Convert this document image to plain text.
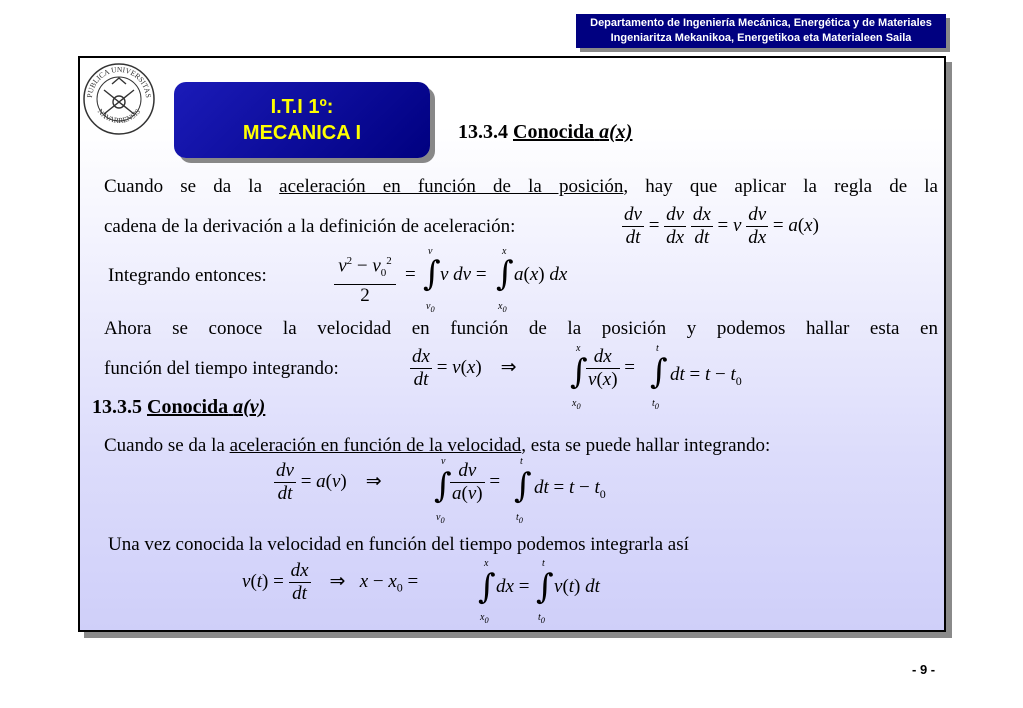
Departamento de Ingeniería Mecánica, Energética y de Materiales
Ingeniaritza Mekanikoa, Energetikoa eta Materialeen Saila
PUBLICA UNIVERSITAS
NAVARRENSIS	I.T.I 1º:
MECANICA I	13.3.4 Conocida a(x)
Cuando se da la aceleración en función de la posición, hay que aplicar la regla de la
cadena de la derivación a la definición de aceleración:	$\frac{dv}{dt} = \frac{dv}{dx}$
$\frac{dx}{dt} = v \frac{dv}{dx} = a(x)$
Integrando entonces:	$\frac{v^2 - v_0^2}{2}$ = ∫
v
$v_0$
v dv = ∫
x
$x_0$
a(x) dx
Ahora se conoce la velocidad en función de la posición y podemos hallar esta en
función del tiempo integrando:	$\frac{dx}{dt} = v(x)$    ⇒ ∫
x
$x_0$
$\frac{dx}{v(x)}$ = ∫
t
$t_0$
dt = $t - t_0$
13.3.5 Conocida a(v)
Cuando se da la aceleración en función de la velocidad, esta se puede hallar integrando:
$\frac{dv}{dt} = a(v)$    ⇒ ∫
v
$v_0$
$\frac{dv}{a(v)}$ = ∫
t
$t_0$
dt = $t - t_0$
Una vez conocida la velocidad en función del tiempo podemos integrarla así
$v(t) = \frac{dx}{dt}$ ⇒   $x - x_0$ = ∫
x
$x_0$
dx = ∫
t
$t_0$
v(t) dt
- 9 -
